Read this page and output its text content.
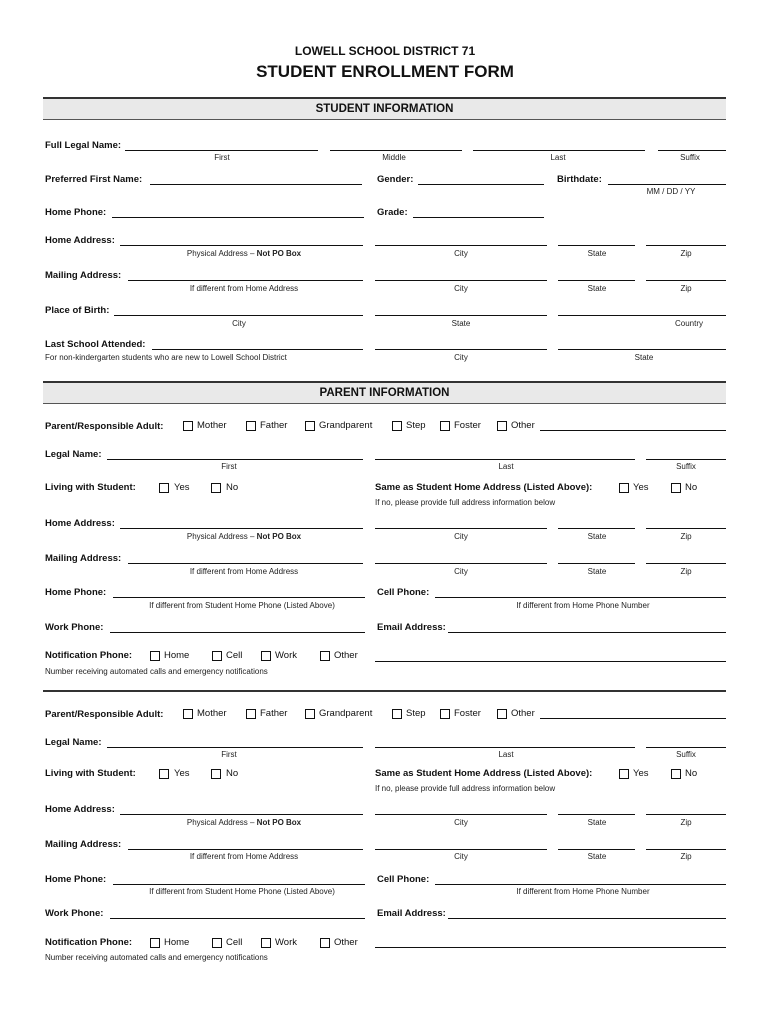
LOWELL SCHOOL DISTRICT 71
STUDENT ENROLLMENT FORM
STUDENT INFORMATION
Full Legal Name:
First	Middle	Last	Suffix
Preferred First Name:	Gender:	Birthdate:
MM / DD / YY
Home Phone:	Grade:
Home Address:
Physical Address – Not PO Box	City	State	Zip
Mailing Address:
If different from Home Address	City	State	Zip
Place of Birth:
City	State	Country
Last School Attended:
For non-kindergarten students who are new to Lowell School District	City	State
PARENT INFORMATION
Parent/Responsible Adult:	Mother	Father	Grandparent	Step	Foster	Other
Legal Name:
First	Last	Suffix
Living with Student:	Yes	No	Same as Student Home Address (Listed Above):	Yes	No
If no, please provide full address information below
Home Address:
Physical Address – Not PO Box	City	State	Zip
Mailing Address:
If different from Home Address	City	State	Zip
Home Phone:	Cell Phone:
If different from Student Home Phone (Listed Above)	If different from Home Phone Number
Work Phone:	Email Address:
Notification Phone:	Home	Cell	Work	Other
Number receiving automated calls and emergency notifications
Parent/Responsible Adult:	Mother	Father	Grandparent	Step	Foster	Other
Legal Name:
First	Last	Suffix
Living with Student:	Yes	No	Same as Student Home Address (Listed Above):	Yes	No
If no, please provide full address information below
Home Address:
Physical Address – Not PO Box	City	State	Zip
Mailing Address:
If different from Home Address	City	State	Zip
Home Phone:	Cell Phone:
If different from Student Home Phone (Listed Above)	If different from Home Phone Number
Work Phone:	Email Address:
Notification Phone:	Home	Cell	Work	Other
Number receiving automated calls and emergency notifications
